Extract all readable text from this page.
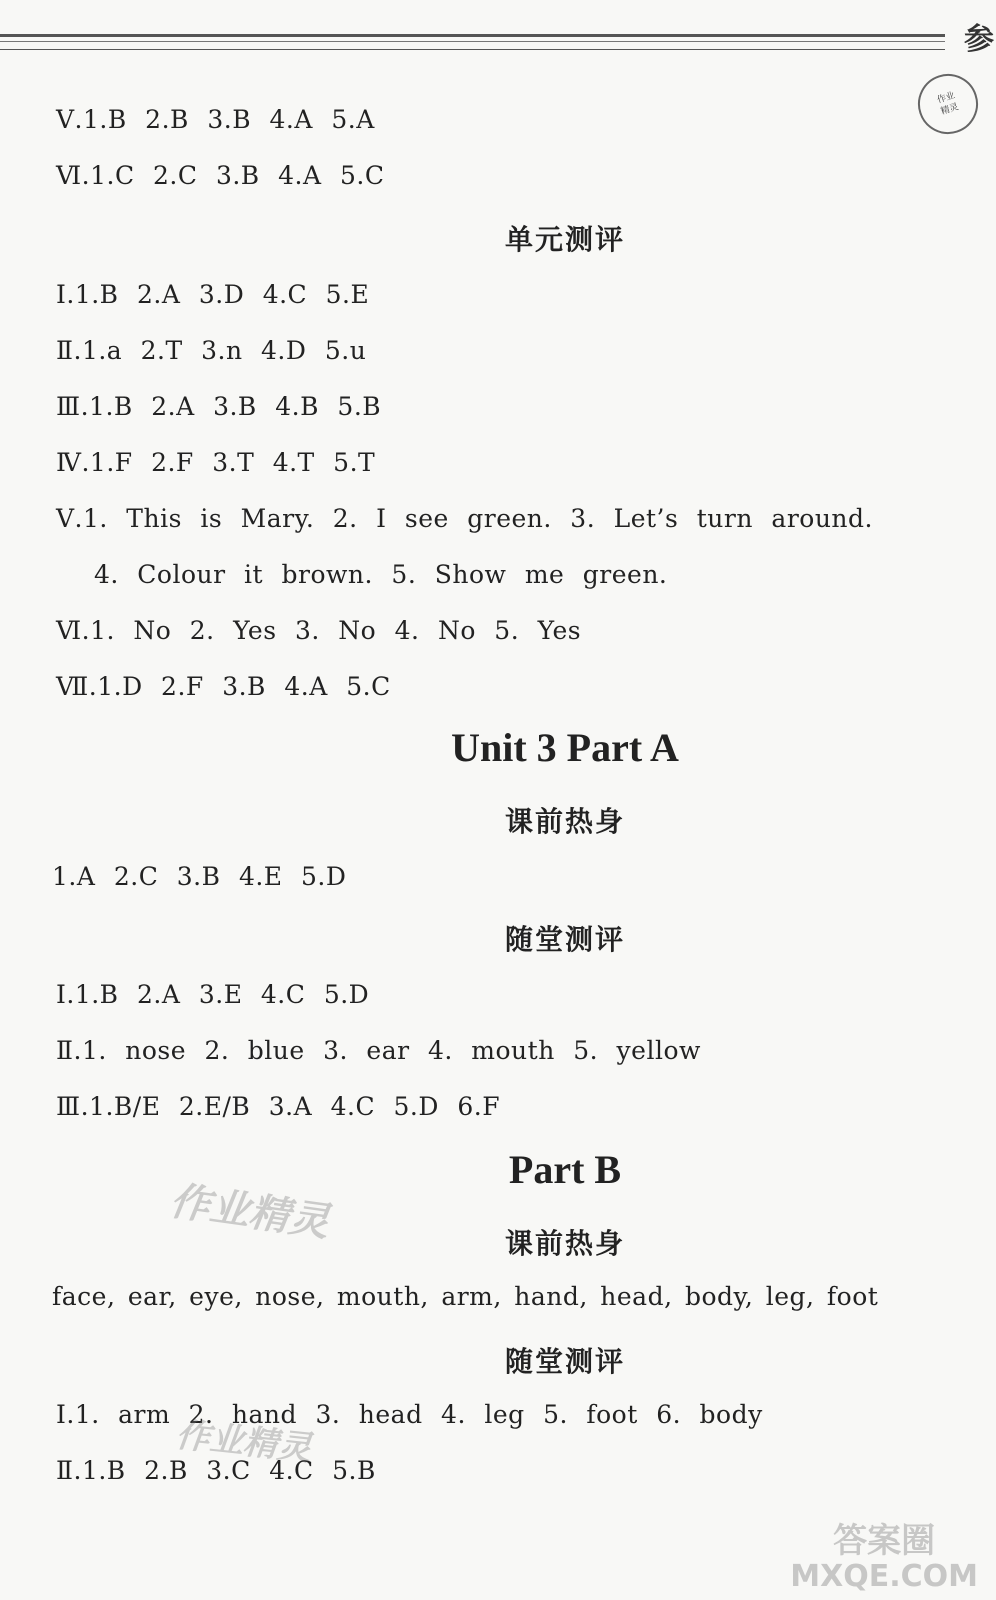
参
作业
精灵
Ⅴ.1.B 2.B 3.B 4.A 5.A
Ⅵ.1.C 2.C 3.B 4.A 5.C
单元测评
Ⅰ.1.B 2.A 3.D 4.C 5.E
Ⅱ.1.a 2.T 3.n 4.D 5.u
Ⅲ.1.B 2.A 3.B 4.B 5.B
Ⅳ.1.F 2.F 3.T 4.T 5.T
Ⅴ.1. This is Mary. 2. I see green. 3. Let’s turn around.
4. Colour it brown. 5. Show me green.
Ⅵ.1. No 2. Yes 3. No 4. No 5. Yes
Ⅶ.1.D 2.F 3.B 4.A 5.C
Unit 3 Part A
课前热身
1.A 2.C 3.B 4.E 5.D
随堂测评
Ⅰ.1.B 2.A 3.E 4.C 5.D
Ⅱ.1. nose 2. blue 3. ear 4. mouth 5. yellow
Ⅲ.1.B/E 2.E/B 3.A 4.C 5.D 6.F
Part B
作业精灵	课前热身
face, ear, eye, nose, mouth, arm, hand, head, body, leg, foot
随堂测评
Ⅰ.1. arm 2. hand 3. head 4. leg 5. foot 6. body
作业精灵
Ⅱ.1.B 2.B 3.C 4.C 5.B
答案圈
MXQE.COM
